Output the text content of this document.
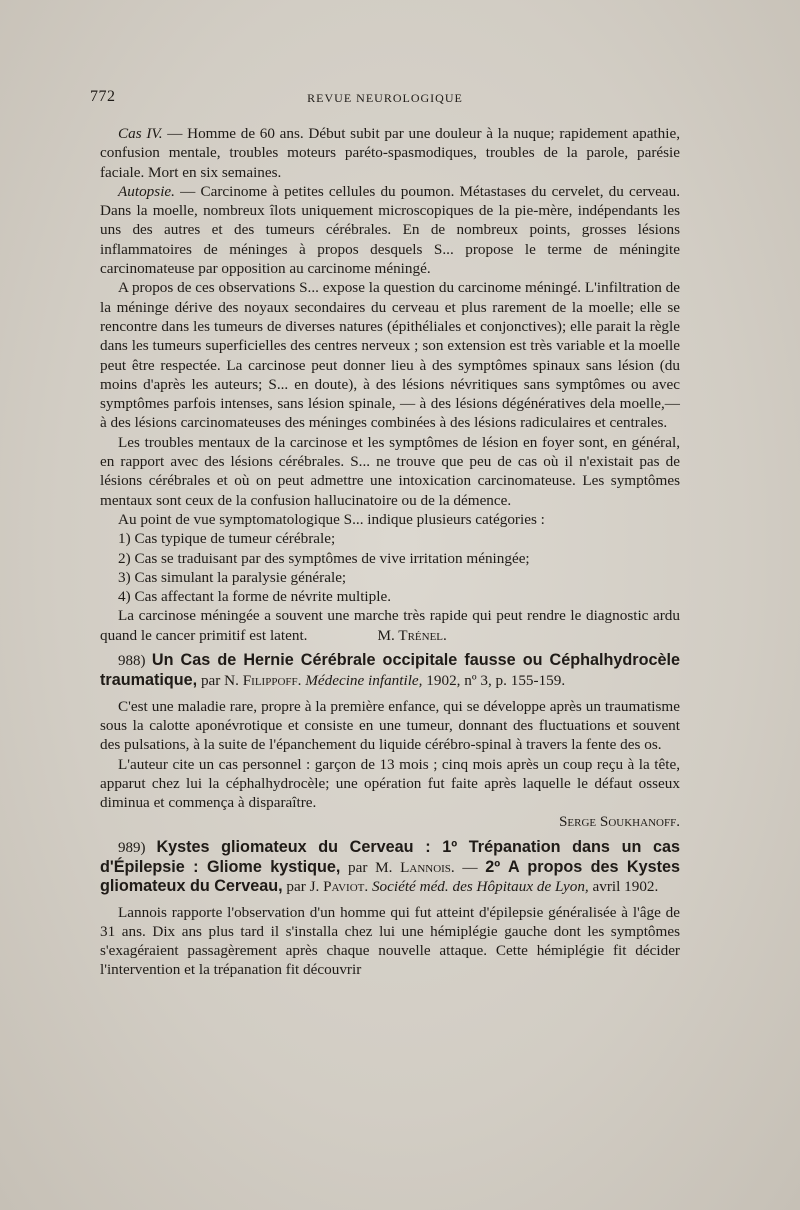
772	REVUE NEUROLOGIQUE

Cas IV. — Homme de 60 ans. Début subit par une douleur à la nuque; rapidement apathie, confusion mentale, troubles moteurs paréto-spasmodiques, troubles de la parole, parésie faciale. Mort en six semaines.

Autopsie. — Carcinome à petites cellules du poumon. Métastases du cervelet, du cerveau. Dans la moelle, nombreux îlots uniquement microscopiques de la pie-mère, indépendants les uns des autres et des tumeurs cérébrales. En de nombreux points, grosses lésions inflammatoires de méninges à propos desquels S... propose le terme de méningite carcinomateuse par opposition au carcinome méningé.

A propos de ces observations S... expose la question du carcinome méningé. L'infiltration de la méninge dérive des noyaux secondaires du cerveau et plus rarement de la moelle; elle se rencontre dans les tumeurs de diverses natures (épithéliales et conjonctives); elle parait la règle dans les tumeurs superficielles des centres nerveux ; son extension est très variable et la moelle peut être respectée. La carcinose peut donner lieu à des symptômes spinaux sans lésion (du moins d'après les auteurs; S... en doute), à des lésions névritiques sans symptômes ou avec symptômes parfois intenses, sans lésion spinale, — à des lésions dégénératives dela moelle,— à des lésions carcinomateuses des méninges combinées à des lésions radiculaires et centrales.

Les troubles mentaux de la carcinose et les symptômes de lésion en foyer sont, en général, en rapport avec des lésions cérébrales. S... ne trouve que peu de cas où il n'existait pas de lésions cérébrales et où on peut admettre une intoxication carcinomateuse. Les symptômes mentaux sont ceux de la confusion hallucinatoire ou de la démence.

Au point de vue symptomatologique S... indique plusieurs catégories :

1) Cas typique de tumeur cérébrale;

2) Cas se traduisant par des symptômes de vive irritation méningée;

3) Cas simulant la paralysie générale;

4) Cas affectant la forme de névrite multiple.

La carcinose méningée a souvent une marche très rapide qui peut rendre le diagnostic ardu quand le cancer primitif est latent.	M. Trénel.

988) Un Cas de Hernie Cérébrale occipitale fausse ou Céphalhydrocèle traumatique, par N. Filippoff. Médecine infantile, 1902, nº 3, p. 155-159.

C'est une maladie rare, propre à la première enfance, qui se développe après un traumatisme sous la calotte aponévrotique et consiste en une tumeur, donnant des fluctuations et souvent des pulsations, à la suite de l'épanchement du liquide cérébro-spinal à travers la fente des os.

L'auteur cite un cas personnel : garçon de 13 mois ; cinq mois après un coup reçu à la tête, apparut chez lui la céphalhydrocèle; une opération fut faite après laquelle le défaut osseux diminua et commença à disparaître.

Serge Soukhanoff.

989) Kystes gliomateux du Cerveau : 1º Trépanation dans un cas d'Épilepsie : Gliome kystique, par M. Lannois. — 2º A propos des Kystes gliomateux du Cerveau, par J. Paviot. Société méd. des Hôpitaux de Lyon, avril 1902.

Lannois rapporte l'observation d'un homme qui fut atteint d'épilepsie généralisée à l'âge de 31 ans. Dix ans plus tard il s'installa chez lui une hémiplégie gauche dont les symptômes s'exagéraient passagèrement après chaque nouvelle attaque. Cette hémiplégie fit décider l'intervention et la trépanation fit découvrir
